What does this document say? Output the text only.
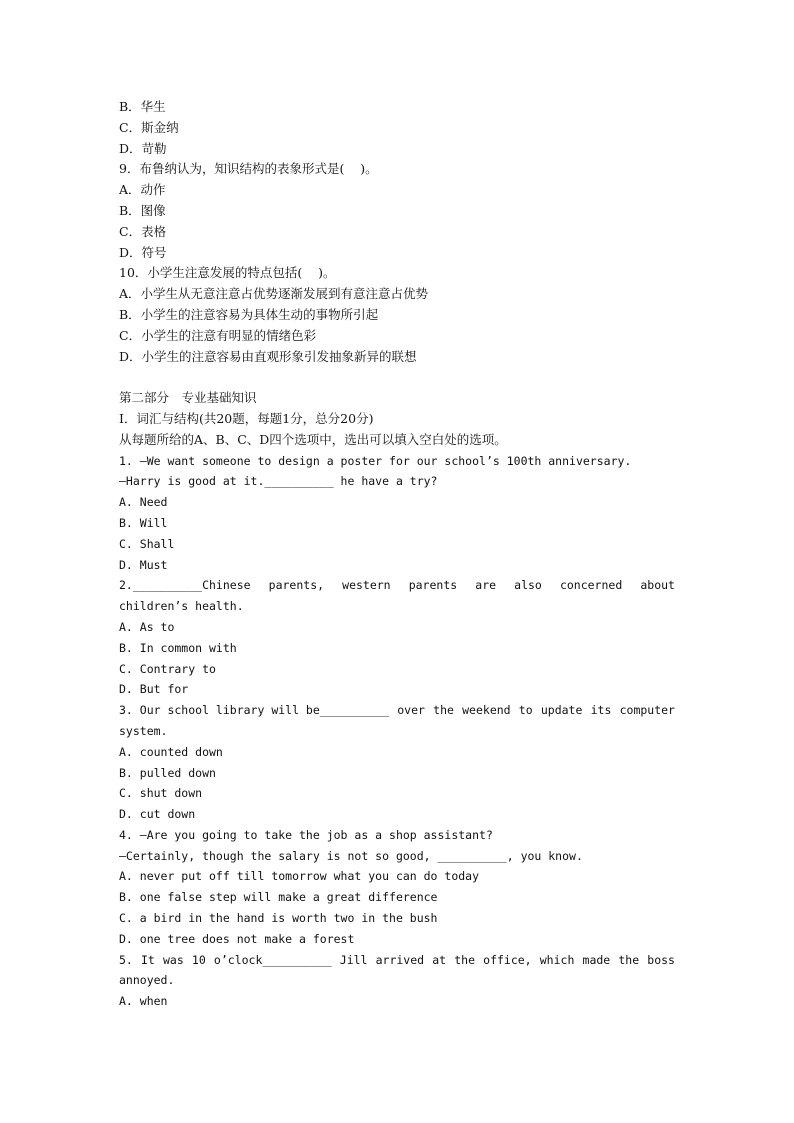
B．华生
C．斯金纳
D．苛勒
9．布鲁纳认为，知识结构的表象形式是(    )。
A．动作
B．图像
C．表格
D．符号
10．小学生注意发展的特点包括(    )。
A．小学生从无意注意占优势逐渐发展到有意注意占优势
B．小学生的注意容易为具体生动的事物所引起
C．小学生的注意有明显的情绪色彩
D．小学生的注意容易由直观形象引发抽象新异的联想
第二部分　专业基础知识
I．词汇与结构(共20题，每题1分，总分20分)
从每题所给的A、B、C、D四个选项中，选出可以填入空白处的选项。
1. —We want someone to design a poster for our school’s 100th anniversary.
—Harry is good at it.__________ he have a try?
A. Need
B. Will
C. Shall
D. Must
2.__________Chinese parents, western parents are also concerned about
children’s health.
A. As to
B. In common with
C. Contrary to
D. But for
3. Our school library will be__________ over the weekend to update its computer
system.
A. counted down
B. pulled down
C. shut down
D. cut down
4. —Are you going to take the job as a shop assistant?
—Certainly, though the salary is not so good, __________, you know.
A. never put off till tomorrow what you can do today
B. one false step will make a great difference
C. a bird in the hand is worth two in the bush
D. one tree does not make a forest
5. It was 10 o’clock__________ Jill arrived at the office, which made the boss
annoyed.
A. when
